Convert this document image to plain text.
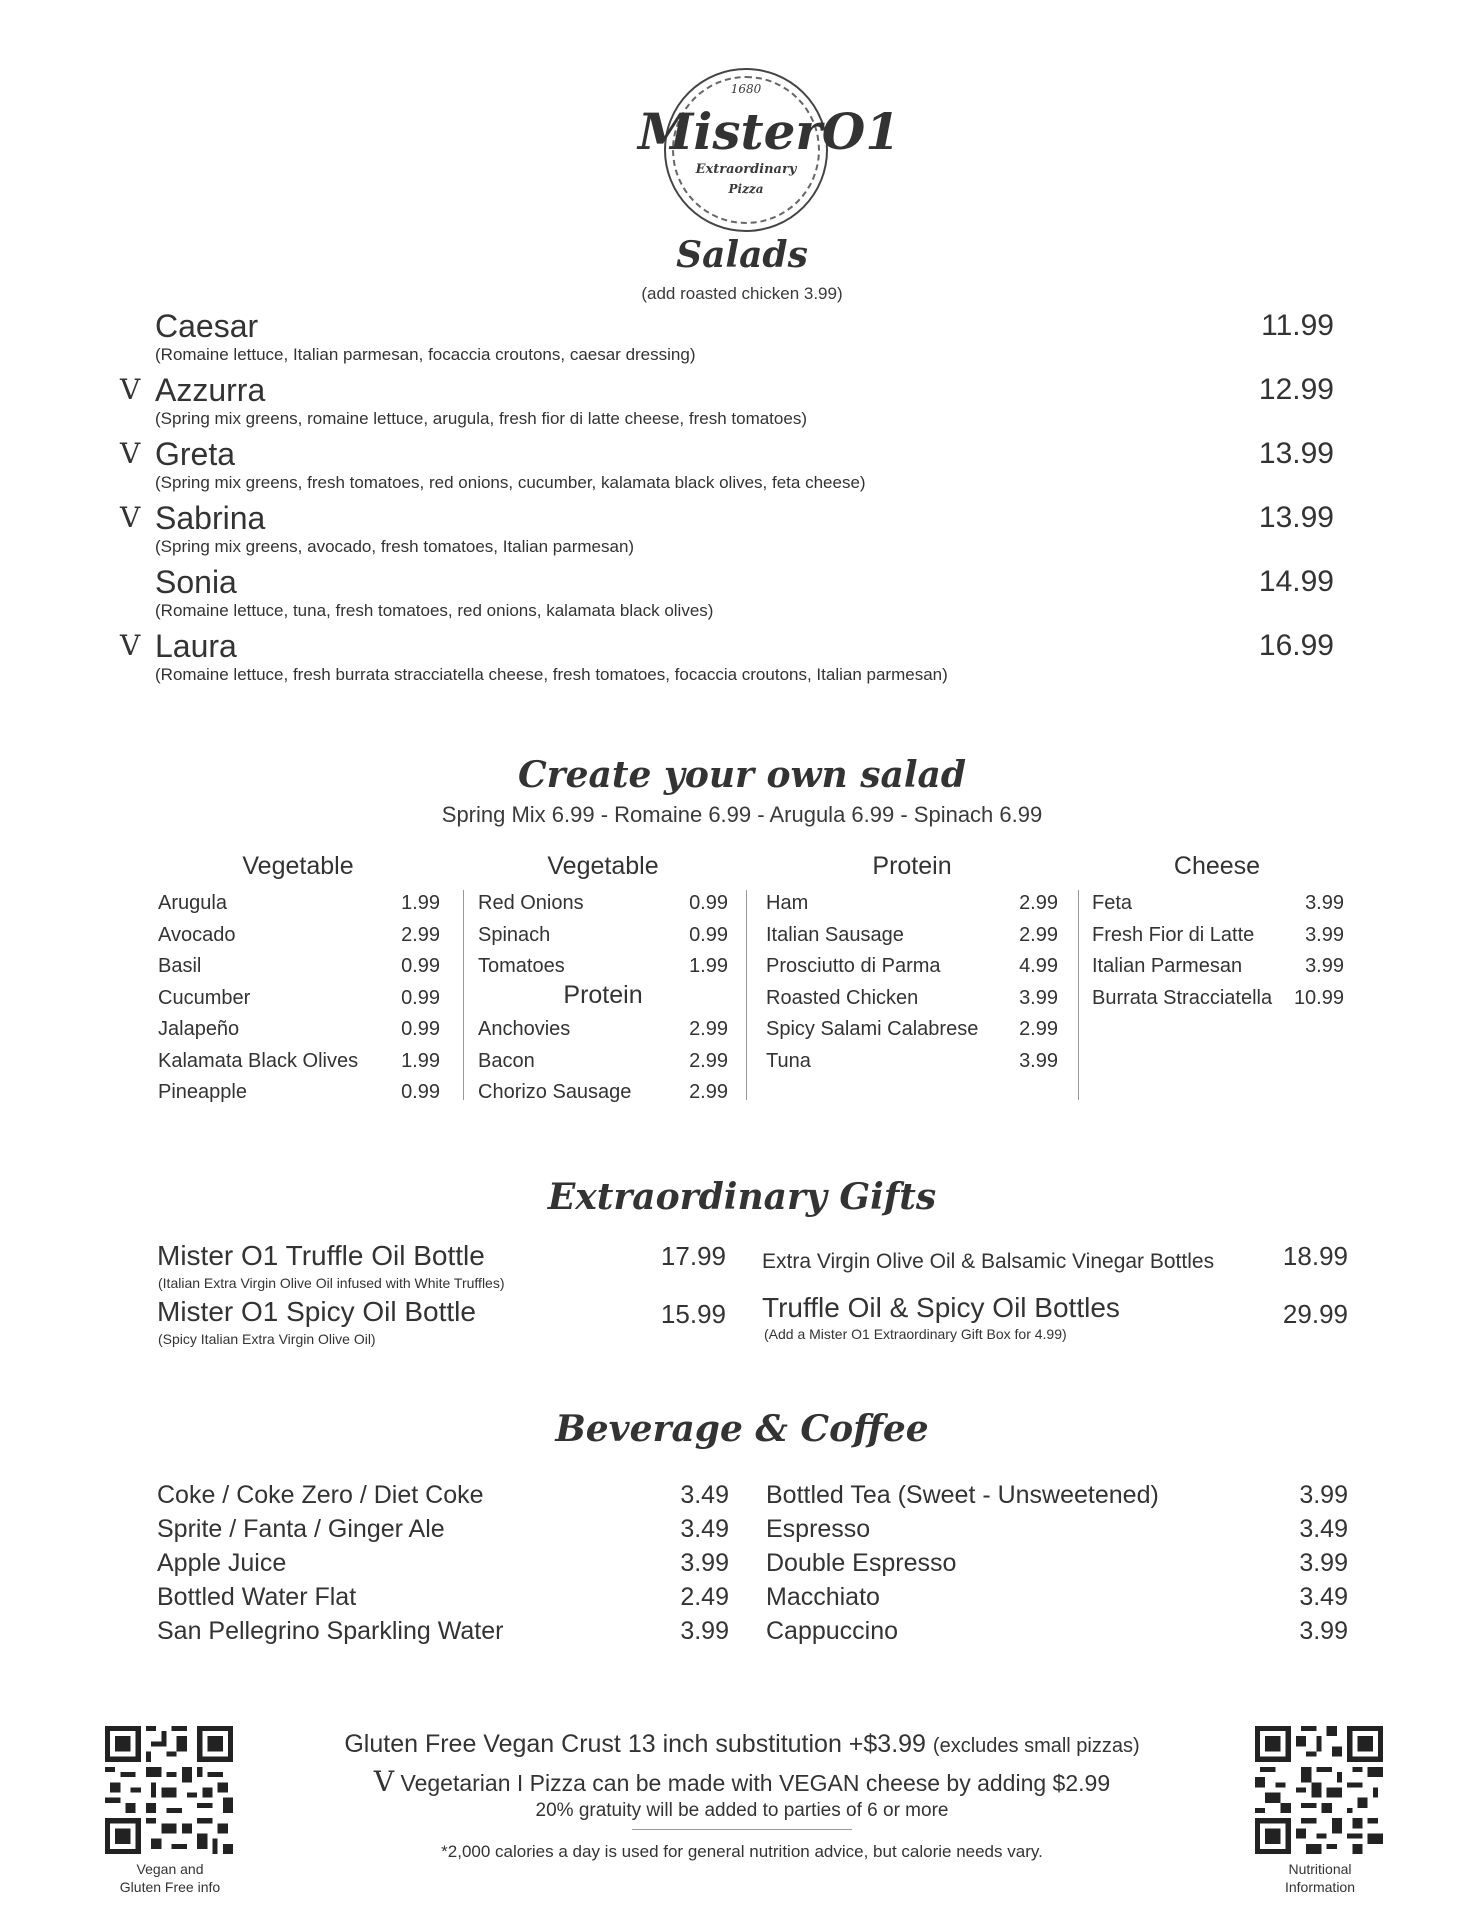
1680
MisterO1
Extraordinary
Pizza
Salads
(add roasted chicken 3.99)
Caesar	11.99
(Romaine lettuce, Italian parmesan, focaccia croutons, caesar dressing)
V Azzurra	12.99
(Spring mix greens, romaine lettuce, arugula, fresh fior di latte cheese, fresh tomatoes)
V Greta	13.99
(Spring mix greens, fresh tomatoes, red onions, cucumber, kalamata black olives, feta cheese)
V Sabrina	13.99
(Spring mix greens, avocado, fresh tomatoes, Italian parmesan)
Sonia	14.99
(Romaine lettuce, tuna, fresh tomatoes, red onions, kalamata black olives)
V Laura	16.99
(Romaine lettuce, fresh burrata stracciatella cheese, fresh tomatoes, focaccia croutons, Italian parmesan)
Create your own salad
Spring Mix 6.99 - Romaine 6.99 - Arugula 6.99 - Spinach 6.99
Vegetable
Arugula	1.99
Avocado	2.99
Basil	0.99
Cucumber	0.99
Jalapeño	0.99
Kalamata Black Olives 1.99
Pineapple	0.99
Vegetable
Red Onions	0.99
Spinach	0.99
Tomatoes	1.99
Protein
Anchovies	2.99
Bacon	2.99
Chorizo Sausage	2.99
Protein
Ham	2.99
Italian Sausage	2.99
Prosciutto di Parma	4.99
Roasted Chicken	3.99
Spicy Salami Calabrese 2.99
Tuna	3.99
Cheese
Feta	3.99
Fresh Fior di Latte	3.99
Italian Parmesan	3.99
Burrata Stracciatella 10.99
Extraordinary Gifts
Mister O1 Truffle Oil Bottle	17.99
(Italian Extra Virgin Olive Oil infused with White Truffles)
Mister O1 Spicy Oil Bottle	15.99
(Spicy Italian Extra Virgin Olive Oil)
Extra Virgin Olive Oil & Balsamic Vinegar Bottles	18.99
Truffle Oil & Spicy Oil Bottles	29.99
(Add a Mister O1 Extraordinary Gift Box for 4.99)
Beverage & Coffee
Coke / Coke Zero / Diet Coke	3.49
Sprite / Fanta / Ginger Ale	3.49
Apple Juice	3.99
Bottled Water Flat	2.49
San Pellegrino Sparkling Water	3.99
Bottled Tea (Sweet - Unsweetened)	3.99
Espresso	3.49
Double Espresso	3.99
Macchiato	3.49
Cappuccino	3.99
Vegan and
Gluten Free info
Nutritional
Information
Gluten Free Vegan Crust 13 inch substitution +$3.99 (excludes small pizzas)
V Vegetarian I Pizza can be made with VEGAN cheese by adding $2.99
20% gratuity will be added to parties of 6 or more
*2,000 calories a day is used for general nutrition advice, but calorie needs vary.
